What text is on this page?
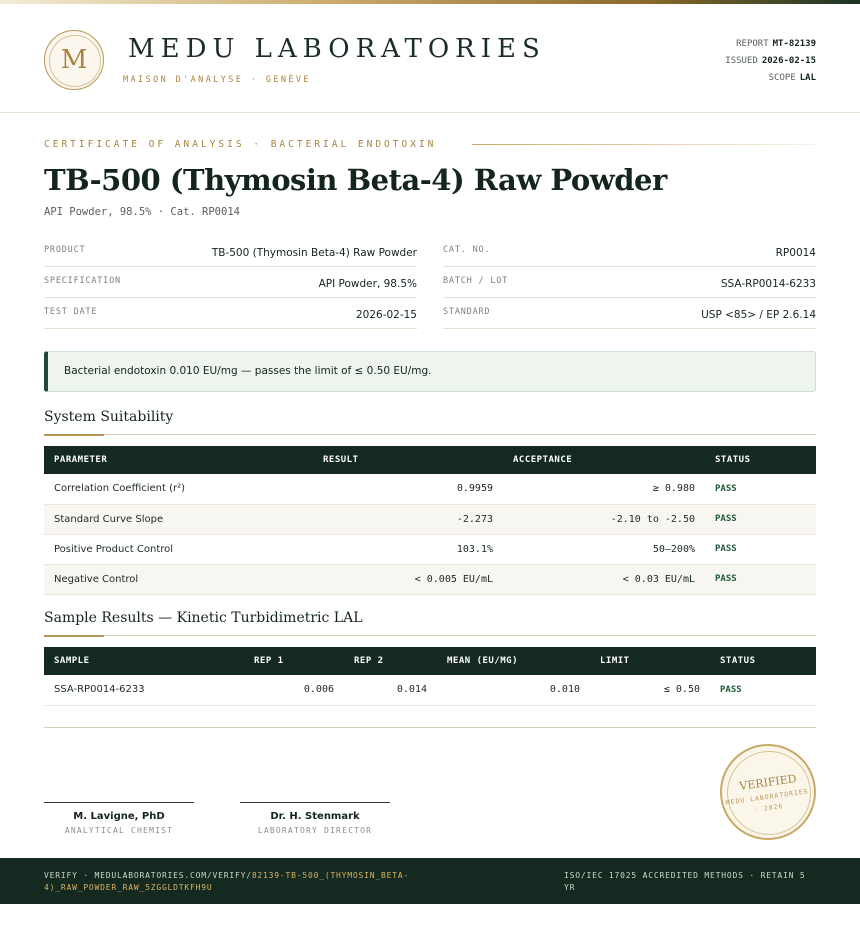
M	MEDU LABORATORIES
MAISON D'ANALYSE · GENÈVE
REPORT MT-82139
ISSUED 2026-02-15
SCOPE LAL
CERTIFICATE OF ANALYSIS · BACTERIAL ENDOTOXIN
TB-500 (Thymosin Beta-4) Raw Powder
API Powder, 98.5% · Cat. RP0014
PRODUCT	TB-500 (Thymosin Beta-4) Raw Powder
SPECIFICATION	API Powder, 98.5%
TEST DATE	2026-02-15
CAT. NO.	RP0014
BATCH / LOT	SSA-RP0014-6233
STANDARD	USP <85> / EP 2.6.14
Bacterial endotoxin 0.010 EU/mg — passes the limit of ≤ 0.50 EU/mg.
System Suitability
PARAMETER	RESULT	ACCEPTANCE	STATUS
Correlation Coefficient (r²)	0.9959	≥ 0.980	PASS
Standard Curve Slope	-2.273	-2.10 to -2.50	PASS
Positive Product Control	103.1%	50–200%	PASS
Negative Control	< 0.005 EU/mL	< 0.03 EU/mL	PASS
Sample Results — Kinetic Turbidimetric LAL
SAMPLE	REP 1	REP 2	MEAN (EU/MG)	LIMIT	STATUS
SSA-RP0014-6233	0.006	0.014	0.010	≤ 0.50	PASS
M. Lavigne, PhD
ANALYTICAL CHEMIST
Dr. H. Stenmark
LABORATORY DIRECTOR
VERIFIED
MEDU LABORATORIES · 2026
VERIFY · MEDULABORATORIES.COM/VERIFY/82139-TB-500_(THYMOSIN_BETA-4)_RAW_POWDER_RAW_5ZGGLDTKFH9U
ISO/IEC 17025 ACCREDITED METHODS · RETAIN 5 YR
